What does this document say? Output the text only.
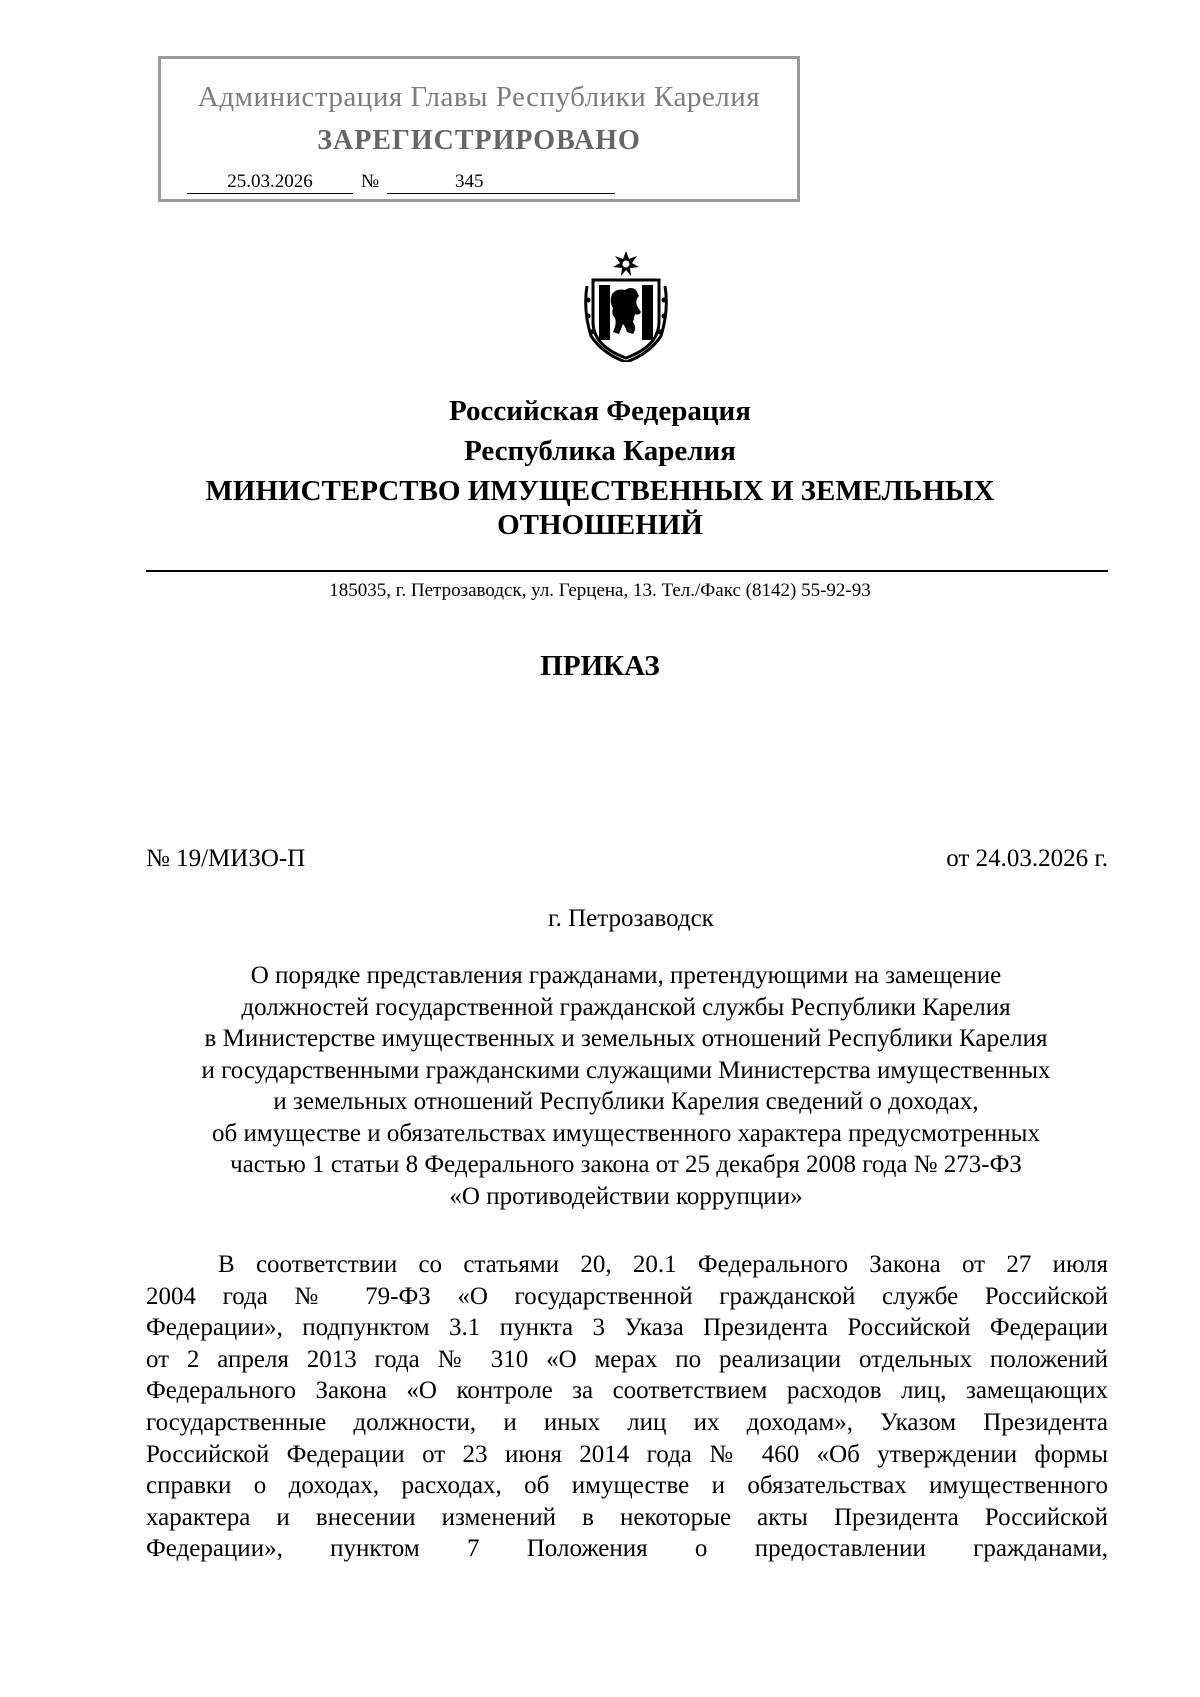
Администрация Главы Республики Карелия
ЗАРЕГИСТРИРОВАНО
25.03.2026	№	345
Российская Федерация
Республика Карелия
МИНИСТЕРСТВО ИМУЩЕСТВЕННЫХ И ЗЕМЕЛЬНЫХ
ОТНОШЕНИЙ
185035, г. Петрозаводск, ул. Герцена, 13. Тел./Факс (8142) 55-92-93
ПРИКАЗ
№ 19/МИЗО-П	от 24.03.2026 г.
г. Петрозаводск
О порядке представления гражданами, претендующими на замещение
должностей государственной гражданской службы Республики Карелия
в Министерстве имущественных и земельных отношений Республики Карелия
и государственными гражданскими служащими Министерства имущественных
и земельных отношений Республики Карелия сведений о доходах,
об имуществе и обязательствах имущественного характера предусмотренных
частью 1 статьи 8 Федерального закона от 25 декабря 2008 года № 273-ФЗ
«О противодействии коррупции»
В соответствии со статьями 20, 20.1 Федерального Закона от 27 июля
2004 года № 79-ФЗ «О государственной гражданской службе Российской
Федерации», подпунктом 3.1 пункта 3 Указа Президента Российской Федерации
от 2 апреля 2013 года № 310 «О мерах по реализации отдельных положений
Федерального Закона «О контроле за соответствием расходов лиц, замещающих
государственные должности, и иных лиц их доходам», Указом Президента
Российской Федерации от 23 июня 2014 года № 460 «Об утверждении формы
справки о доходах, расходах, об имуществе и обязательствах имущественного
характера и внесении изменений в некоторые акты Президента Российской
Федерации», пунктом 7 Положения о предоставлении гражданами,
